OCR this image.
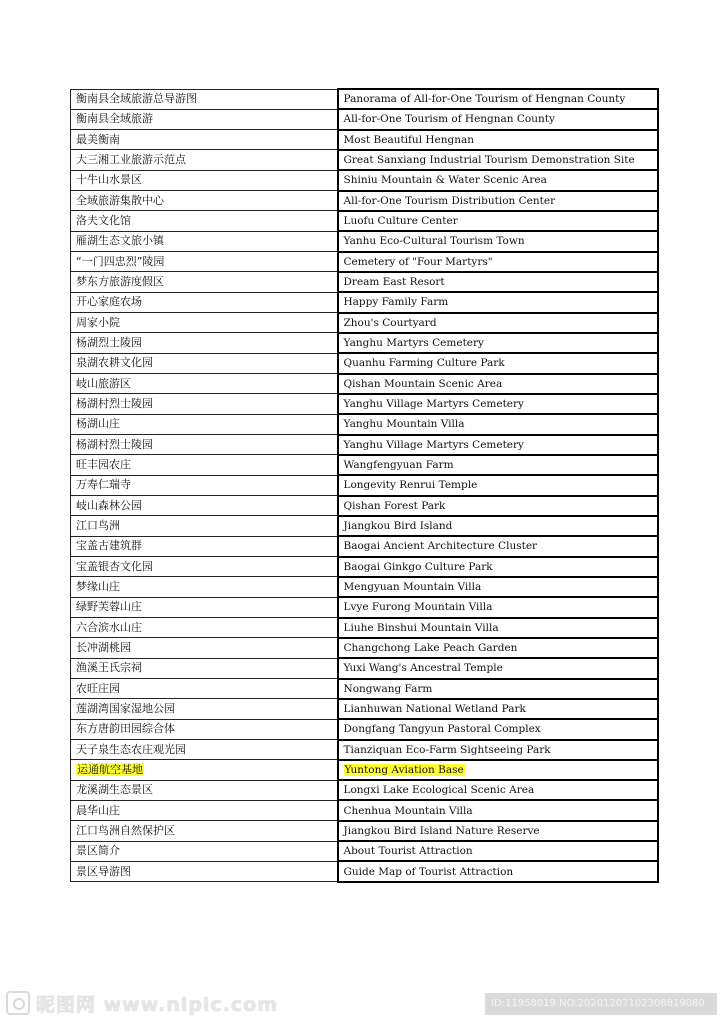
衡南县全域旅游总导游图	Panorama of All-for-One Tourism of Hengnan County
衡南县全域旅游	All-for-One Tourism of Hengnan County
最美衡南	Most Beautiful Hengnan
大三湘工业旅游示范点	Great Sanxiang Industrial Tourism Demonstration Site
十牛山水景区	Shiniu Mountain & Water Scenic Area
全域旅游集散中心	All-for-One Tourism Distribution Center
洛夫文化馆	Luofu Culture Center
雁湖生态文旅小镇	Yanhu Eco-Cultural Tourism Town
“一门四忠烈”陵园	Cemetery of "Four Martyrs"
梦东方旅游度假区	Dream East Resort
开心家庭农场	Happy Family Farm
周家小院	Zhou's Courtyard
杨湖烈士陵园	Yanghu Martyrs Cemetery
泉湖农耕文化园	Quanhu Farming Culture Park
岐山旅游区	Qishan Mountain Scenic Area
杨湖村烈士陵园	Yanghu Village Martyrs Cemetery
杨湖山庄	Yanghu Mountain Villa
杨湖村烈士陵园	Yanghu Village Martyrs Cemetery
旺丰园农庄	Wangfengyuan Farm
万寿仁瑞寺	Longevity Renrui Temple
岐山森林公园	Qishan Forest Park
江口鸟洲	Jiangkou Bird Island
宝盖古建筑群	Baogai Ancient Architecture Cluster
宝盖银杏文化园	Baogai Ginkgo Culture Park
梦缘山庄	Mengyuan Mountain Villa
绿野芙蓉山庄	Lvye Furong Mountain Villa
六合滨水山庄	Liuhe Binshui Mountain Villa
长冲湖桃园	Changchong Lake Peach Garden
渔溪王氏宗祠	Yuxi Wang's Ancestral Temple
农旺庄园	Nongwang Farm
莲湖湾国家湿地公园	Lianhuwan National Wetland Park
东方唐韵田园综合体	Dongfang Tangyun Pastoral Complex
天子泉生态农庄观光园	Tianziquan Eco-Farm Sightseeing Park
运通航空基地	Yuntong Aviation Base
龙溪湖生态景区	Longxi Lake Ecological Scenic Area
晨华山庄	Chenhua Mountain Villa
江口鸟洲自然保护区	Jiangkou Bird Island Nature Reserve
景区简介	About Tourist Attraction
景区导游图	Guide Map of Tourist Attraction
昵图网 www.nipic.com	ID:11958019 NO:20201207102308819080
